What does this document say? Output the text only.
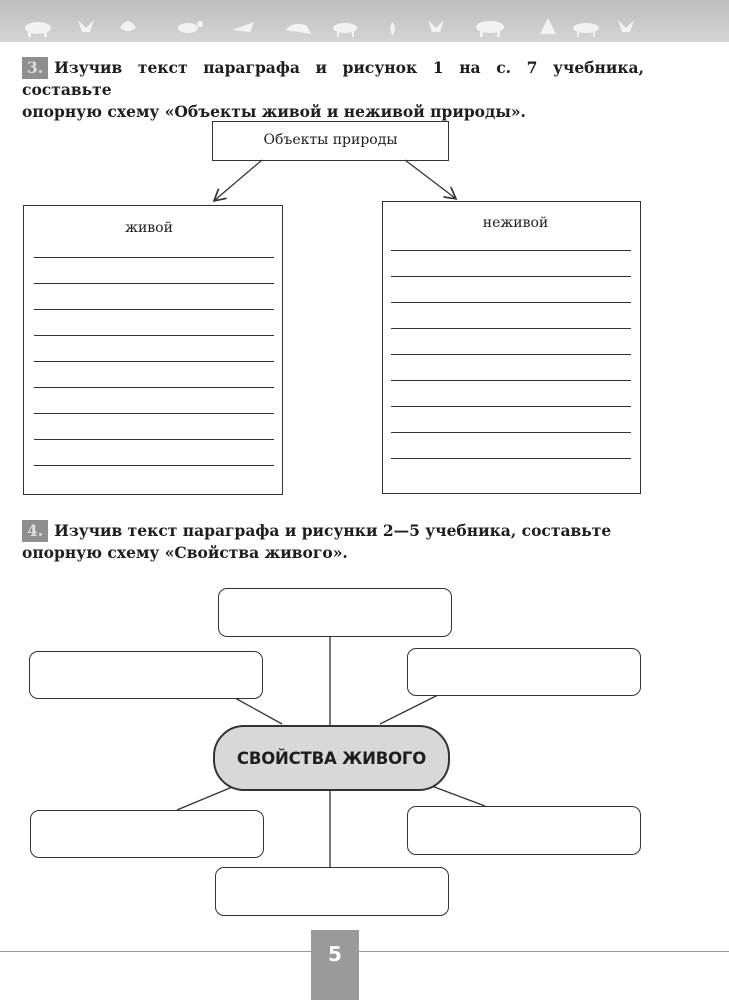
3. Изучив текст параграфа и рисунок 1 на с. 7 учебника, составьте
опорную схему «Объекты живой и неживой природы».
Объекты природы
живой	неживой
4. Изучив текст параграфа и рисунки 2—5 учебника, составьте
опорную схему «Свойства живого».
СВОЙСТВА ЖИВОГО
5
